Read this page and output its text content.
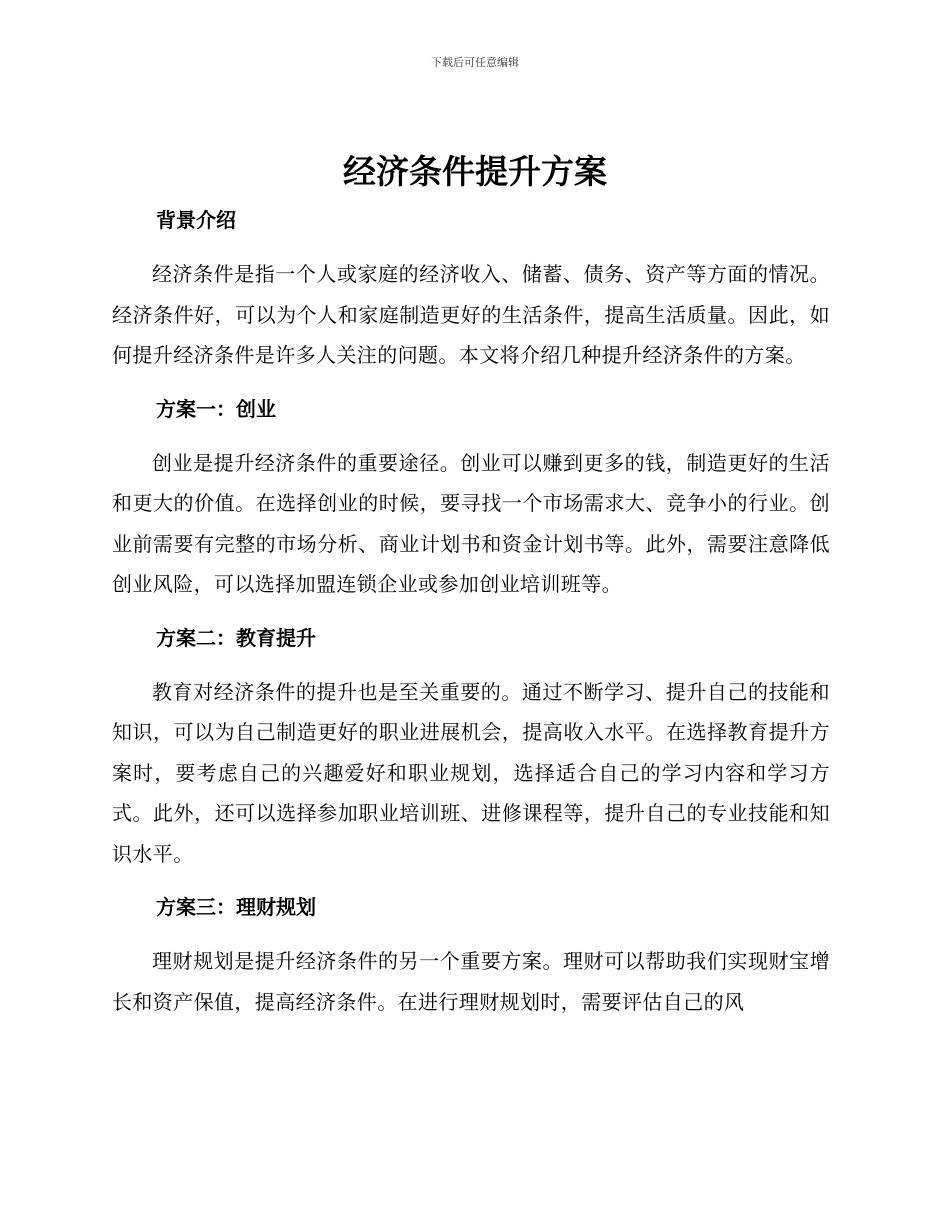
下载后可任意编辑
经济条件提升方案
背景介绍

经济条件是指一个人或家庭的经济收入、储蓄、债务、资产等方面的情况。经济条件好，可以为个人和家庭制造更好的生活条件，提高生活质量。因此，如何提升经济条件是许多人关注的问题。本文将介绍几种提升经济条件的方案。

方案一：创业

创业是提升经济条件的重要途径。创业可以赚到更多的钱，制造更好的生活和更大的价值。在选择创业的时候，要寻找一个市场需求大、竞争小的行业。创业前需要有完整的市场分析、商业计划书和资金计划书等。此外，需要注意降低创业风险，可以选择加盟连锁企业或参加创业培训班等。

方案二：教育提升

教育对经济条件的提升也是至关重要的。通过不断学习、提升自己的技能和知识，可以为自己制造更好的职业进展机会，提高收入水平。在选择教育提升方案时，要考虑自己的兴趣爱好和职业规划，选择适合自己的学习内容和学习方式。此外，还可以选择参加职业培训班、进修课程等，提升自己的专业技能和知识水平。

方案三：理财规划

理财规划是提升经济条件的另一个重要方案。理财可以帮助我们实现财宝增长和资产保值，提高经济条件。在进行理财规划时，需要评估自己的风
